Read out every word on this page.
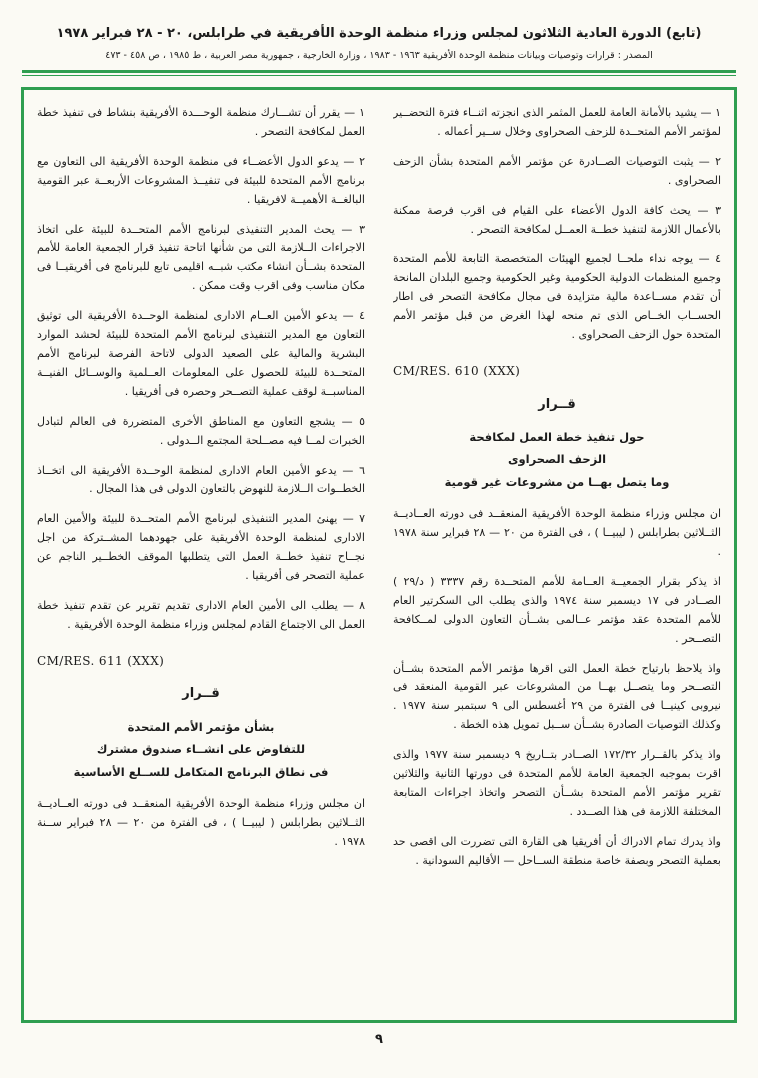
(تابع) الدورة العادية الثلاثون لمجلس وزراء منظمة الوحدة الأفريقية في طرابلس، ٢٠ - ٢٨ فبراير ١٩٧٨
المصدر : قرارات وتوصيات وبيانات منظمة الوحدة الأفريقية ١٩٦٣ - ١٩٨٣ ، وزارة الخارجية ، جمهورية مصر العربية ، ط ١٩٨٥ ، ص ٤٥٨ - ٤٧٣

١ — يشيد بالأمانة العامة للعمل المثمر الذى انجزته اثنــاء فترة التحضــير لمؤتمر الأمم المتحــدة للزحف الصحراوى وخلال ســير أعماله .

٢ — يثبت التوصيات الصــادرة عن مؤتمر الأمم المتحدة بشأن الزحف الصحراوى .

٣ — يحث كافة الدول الأعضاء على القيام فى اقرب فرصة ممكنة بالأعمال اللازمة لتنفيذ خطــة العمــل لمكافحة التصحر .

٤ — يوجه نداء ملحــا لجميع الهيئات المتخصصة التابعة للأمم المتحدة وجميع المنظمات الدولية الحكومية وغير الحكومية وجميع البلدان المانحة أن تقدم مســاعدة مالية متزايدة فى مجال مكافحة التصحر فى اطار الحســاب الخــاص الذى تم منحه لهذا الغرض من قبل مؤتمر الأمم المتحدة حول الزحف الصحراوى .

CM/RES. 610 (XXX)
قــرار
حول تنفيذ خطة العمل لمكافحة
الزحف الصحراوى
وما يتصل بهــا من مشروعات غير قومية

ان مجلس وزراء منظمة الوحدة الأفريقية المنعقــد فى دورته العــاديــة الثــلاثين بطرابلس ( ليبيــا ) ، فى الفترة من ٢٠ — ٢٨ فبراير سنة ١٩٧٨ .

اذ يذكر بقرار الجمعيــة العــامة للأمم المتحــدة رقم ٣٣٣٧ ( د/٢٩ ) الصــادر فى ١٧ ديسمبر سنة ١٩٧٤ والذى يطلب الى السكرتير العام للأمم المتحدة عقد مؤتمر عــالمى بشــأن التعاون الدولى لمــكافحة التصــحر .

واذ يلاحظ بارتياح خطة العمل التى اقرها مؤتمر الأمم المتحدة بشــأن التصــحر وما يتصــل بهــا من المشروعات عبر القومية المنعقد فى نيروبى كينيــا فى الفترة من ٢٩ أغسطس الى ٩ سبتمبر سنة ١٩٧٧ . وكذلك التوصيات الصادرة بشــأن ســبل تمويل هذه الخطة .

واذ يذكر بالقــرار ١٧٢/٣٢ الصــادر بتــاريخ ٩ ديسمبر سنة ١٩٧٧ والذى اقرت بموجبه الجمعية العامة للأمم المتحدة فى دورتها الثانية والثلاثين تقرير مؤتمر الأمم المتحدة بشــأن التصحر واتخاذ اجراءات المتابعة المختلفة اللازمة فى هذا الصــدد .

واذ يدرك تمام الادراك أن أفريقيا هى القارة التى تضررت الى اقصى حد بعملية التصحر وبصفة خاصة منطقة الســاحل — الأقاليم السودانية .

١ — يقرر أن تشـــارك منظمة الوحـــدة الأفريقية بنشاط فى تنفيذ خطة العمل لمكافحة التصحر .

٢ — يدعو الدول الأعضــاء فى منظمة الوحدة الأفريقية الى التعاون مع برنامج الأمم المتحدة للبيئة فى تنفيــذ المشروعات الأربعــة عبر القومية البالغــة الأهميــة لافريقيا .

٣ — يحث المدير التنفيذى لبرنامج الأمم المتحــدة للبيئة على اتخاذ الاجراءات الــلازمة التى من شأنها اتاحة تنفيذ قرار الجمعية العامة للأمم المتحدة بشــأن انشاء مكتب شبــه اقليمى تابع للبرنامج فى أفريقيــا فى مكان مناسب وفى اقرب وقت ممكن .

٤ — يدعو الأمين العــام الادارى لمنظمة الوحــدة الأفريقية الى توثيق التعاون مع المدير التنفيذى لبرنامج الأمم المتحدة للبيئة لحشد الموارد البشرية والمالية على الصعيد الدولى لاتاحة الفرصة لبرنامج الأمم المتحــدة للبيئة للحصول على المعلومات العــلمية والوســائل الفنيــة المناسبــة لوقف عملية التصــحر وحصره فى أفريقيا .

٥ — يشجع التعاون مع المناطق الأخرى المتضررة فى العالم لتبادل الخبرات لمــا فيه مصــلحة المجتمع الــدولى .

٦ — يدعو الأمين العام الادارى لمنظمة الوحــدة الأفريقية الى اتخــاذ الخطــوات الــلازمة للنهوض بالتعاون الدولى فى هذا المجال .

٧ — يهنئ المدير التنفيذى لبرنامج الأمم المتحــدة للبيئة والأمين العام الادارى لمنظمة الوحدة الأفريقية على جهودهما المشــتركة من اجل نجــاح تنفيذ خطــة العمل التى يتطلبها الموقف الخطــير الناجم عن عملية التصحر فى أفريقيا .

٨ — يطلب الى الأمين العام الادارى تقديم تقرير عن تقدم تنفيذ خطة العمل الى الاجتماع القادم لمجلس وزراء منظمة الوحدة الأفريقية .

CM/RES. 611 (XXX)
قــرار
بشأن مؤتمر الأمم المتحدة
للتفاوض على انشــاء صندوق مشترك
فى نطاق البرنامج المتكامل للســلع الأساسية

ان مجلس وزراء منظمة الوحدة الأفريقية المنعقــد فى دورته العــاديــة الثــلاثين بطرابلس ( ليبيــا ) ، فى الفترة من ٢٠ — ٢٨ فبراير ســنة ١٩٧٨ .

٩
